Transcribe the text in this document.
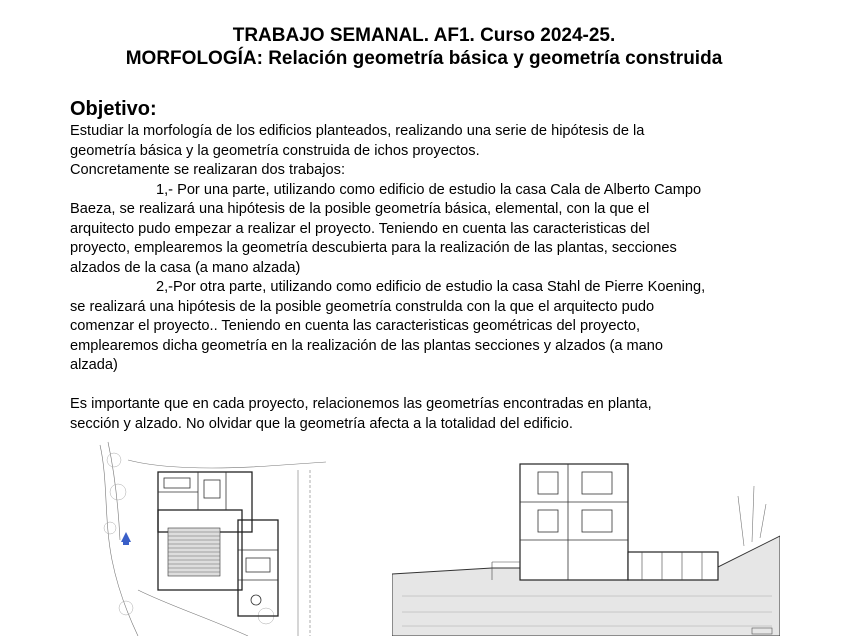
TRABAJO SEMANAL. AF1. Curso 2024-25.
MORFOLOGÍA: Relación geometría básica y geometría construida
Objetivo:

Estudiar la morfología de los edificios planteados, realizando una serie de hipótesis de la

geometría básica y la geometría construida de ichos proyectos.

Concretamente se realizaran dos trabajos:

1,- Por una parte, utilizando como edificio de estudio la casa Cala de Alberto Campo

Baeza, se realizará una hipótesis de la posible geometría básica, elemental, con la que el

arquitecto pudo empezar a realizar el proyecto. Teniendo en cuenta las caracteristicas del

proyecto, emplearemos la geometría descubierta para la realización de las plantas, secciones

alzados de la casa (a mano alzada)

2,-Por otra parte, utilizando como edificio de estudio la casa Stahl de Pierre Koening,

se realizará una hipótesis de la posible geometría construlda con la que el arquitecto pudo

comenzar el proyecto.. Teniendo en cuenta las caracteristicas geométricas del proyecto,

emplearemos dicha geometría en la realización de las plantas secciones y alzados (a mano

alzada)

Es importante que en cada proyecto, relacionemos las geometrías encontradas en planta,

sección y alzado. No olvidar que la geometría afecta a la totalidad del edificio.
